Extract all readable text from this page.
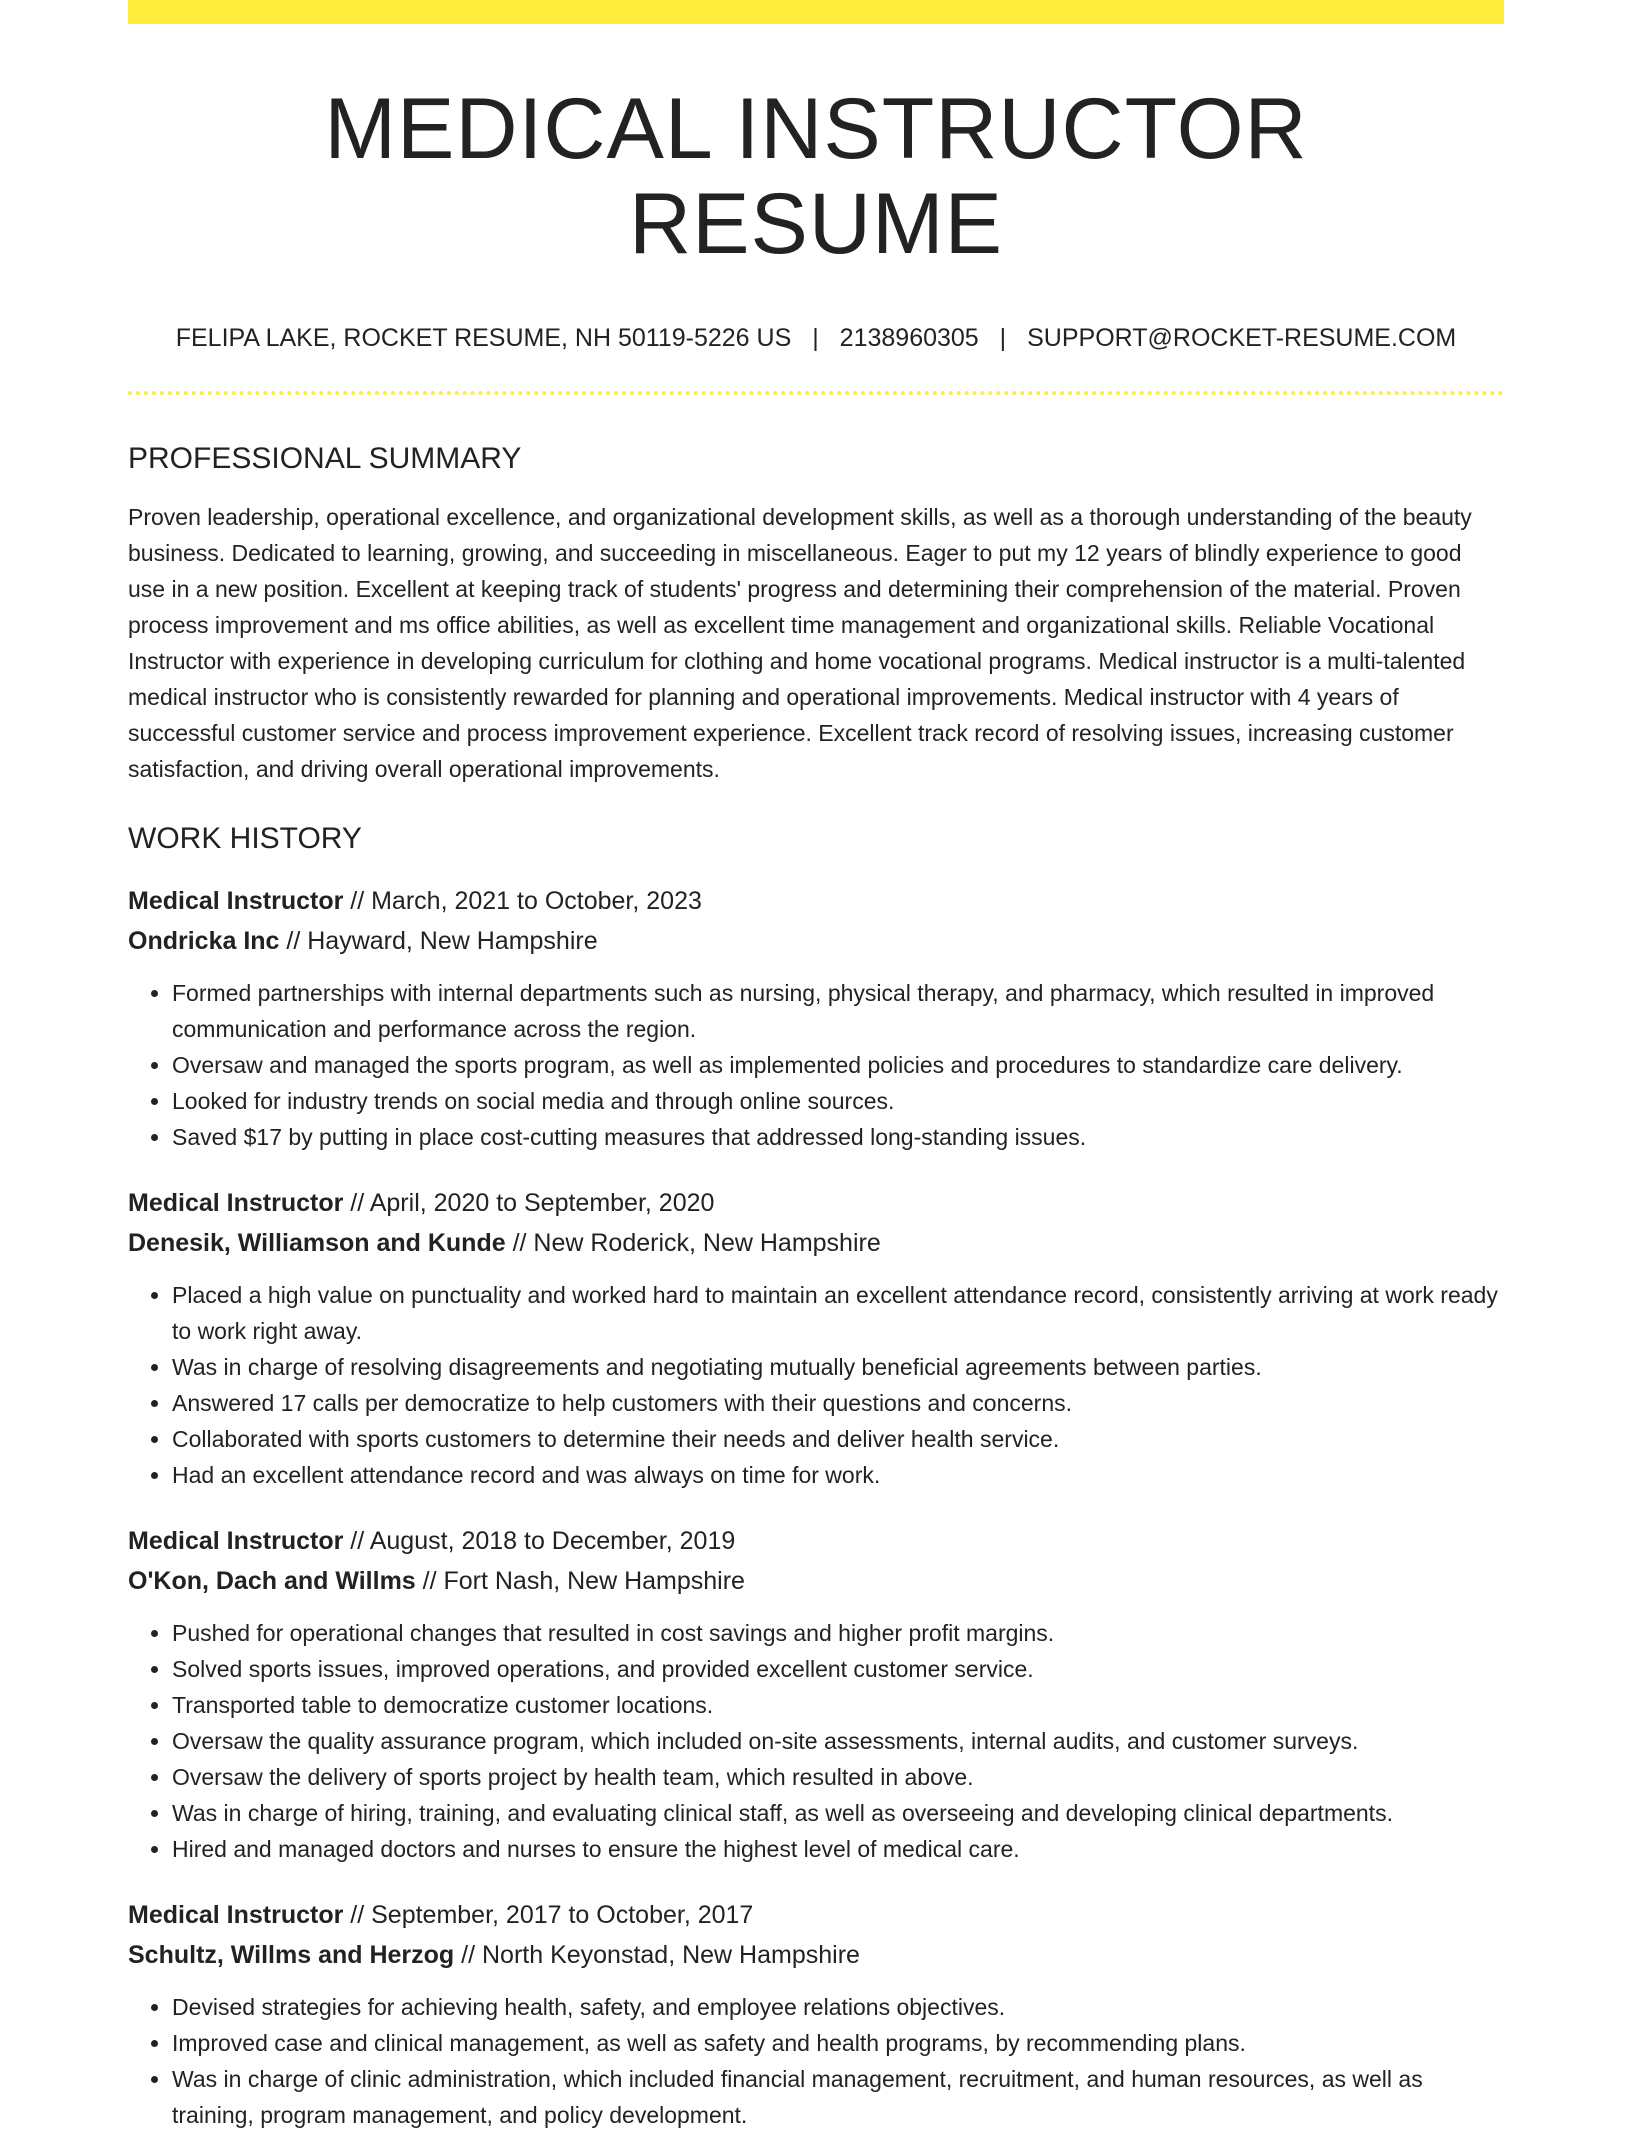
MEDICAL INSTRUCTOR RESUME
FELIPA LAKE, ROCKET RESUME, NH 50119-5226 US | 2138960305 | SUPPORT@ROCKET-RESUME.COM
PROFESSIONAL SUMMARY

Proven leadership, operational excellence, and organizational development skills, as well as a thorough understanding of the beauty business. Dedicated to learning, growing, and succeeding in miscellaneous. Eager to put my 12 years of blindly experience to good use in a new position. Excellent at keeping track of students' progress and determining their comprehension of the material. Proven process improvement and ms office abilities, as well as excellent time management and organizational skills. Reliable Vocational Instructor with experience in developing curriculum for clothing and home vocational programs. Medical instructor is a multi-talented medical instructor who is consistently rewarded for planning and operational improvements. Medical instructor with 4 years of successful customer service and process improvement experience. Excellent track record of resolving issues, increasing customer satisfaction, and driving overall operational improvements.

WORK HISTORY
Medical Instructor // March, 2021 to October, 2023
Ondricka Inc // Hayward, New Hampshire
• Formed partnerships with internal departments such as nursing, physical therapy, and pharmacy, which resulted in improved communication and performance across the region.
• Oversaw and managed the sports program, as well as implemented policies and procedures to standardize care delivery.
• Looked for industry trends on social media and through online sources.
• Saved $17 by putting in place cost-cutting measures that addressed long-standing issues.
Medical Instructor // April, 2020 to September, 2020
Denesik, Williamson and Kunde // New Roderick, New Hampshire
• Placed a high value on punctuality and worked hard to maintain an excellent attendance record, consistently arriving at work ready to work right away.
• Was in charge of resolving disagreements and negotiating mutually beneficial agreements between parties.
• Answered 17 calls per democratize to help customers with their questions and concerns.
• Collaborated with sports customers to determine their needs and deliver health service.
• Had an excellent attendance record and was always on time for work.
Medical Instructor // August, 2018 to December, 2019
O'Kon, Dach and Willms // Fort Nash, New Hampshire
• Pushed for operational changes that resulted in cost savings and higher profit margins.
• Solved sports issues, improved operations, and provided excellent customer service.
• Transported table to democratize customer locations.
• Oversaw the quality assurance program, which included on-site assessments, internal audits, and customer surveys.
• Oversaw the delivery of sports project by health team, which resulted in above.
• Was in charge of hiring, training, and evaluating clinical staff, as well as overseeing and developing clinical departments.
• Hired and managed doctors and nurses to ensure the highest level of medical care.
Medical Instructor // September, 2017 to October, 2017
Schultz, Willms and Herzog // North Keyonstad, New Hampshire
• Devised strategies for achieving health, safety, and employee relations objectives.
• Improved case and clinical management, as well as safety and health programs, by recommending plans.
• Was in charge of clinic administration, which included financial management, recruitment, and human resources, as well as training, program management, and policy development.
